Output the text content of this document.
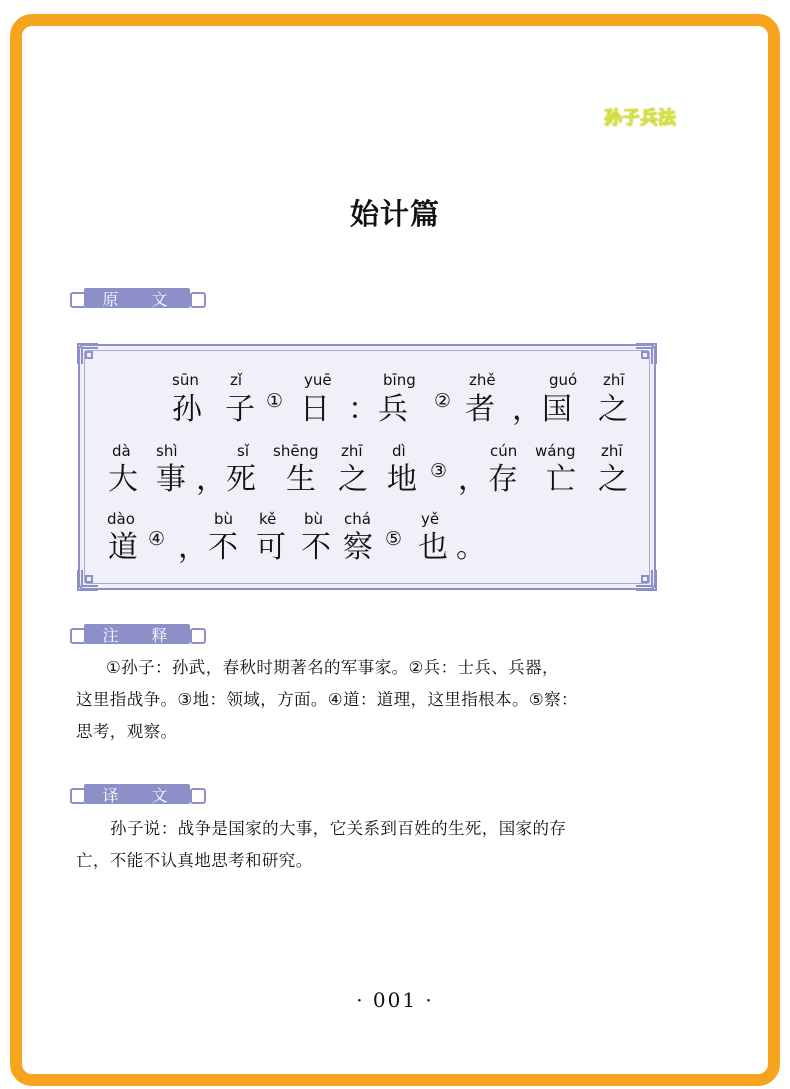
孙子兵法
始计篇
原 文
sūn zǐ	yuē	bīng	zhě	guó zhī
孙 子 ① 日 ：兵 ② 者 ，国 之
dà shì	sǐ shēng zhī dì	cún wáng zhī
大 事 ，死 生 之 地 ③ ，存 亡 之
dào	bù kě bù chá	yě
道 ④ ，不 可 不 察 ⑤ 也 。
注 释
①孙子：孙武，春秋时期著名的军事家。②兵：士兵、兵器，
这里指战争。③地：领域，方面。④道：道理，这里指根本。⑤察：
思考，观察。
译 文
孙子说：战争是国家的大事，它关系到百姓的生死，国家的存
亡，不能不认真地思考和研究。
· 001 ·
